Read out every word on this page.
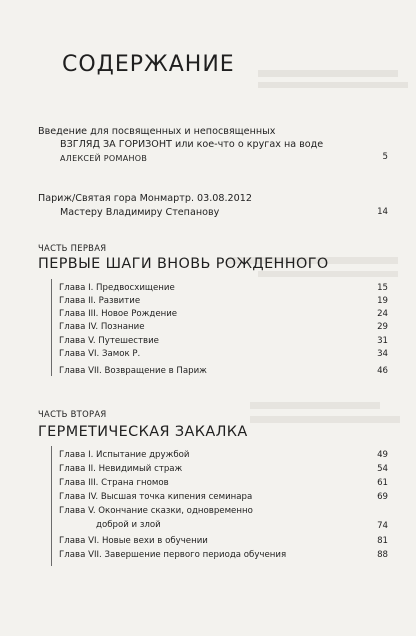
СОДЕРЖАНИЕ
Введение для посвященных и непосвященных
ВЗГЛЯД ЗА ГОРИЗОНТ или кое-что о кругах на воде
АЛЕКСЕЙ РОМАНОВ	5
Париж/Святая гора Монмартр. 03.08.2012
Мастеру Владимиру Степанову	14
ЧАСТЬ ПЕРВАЯ
ПЕРВЫЕ ШАГИ ВНОВЬ РОЖДЕННОГО
Глава I. Предвосхищение	15
Глава II. Развитие	19
Глава III. Новое Рождение	24
Глава IV. Познание	29
Глава V. Путешествие	31
Глава VI. Замок Р.	34
Глава VII. Возвращение в Париж	46
ЧАСТЬ ВТОРАЯ
ГЕРМЕТИЧЕСКАЯ ЗАКАЛКА
Глава I. Испытание дружбой	49
Глава II. Невидимый страж	54
Глава III. Страна гномов	61
Глава IV. Высшая точка кипения семинара	69
Глава V. Окончание сказки, одновременно
доброй и злой	74
Глава VI. Новые вехи в обучении	81
Глава VII. Завершение первого периода обучения	88
